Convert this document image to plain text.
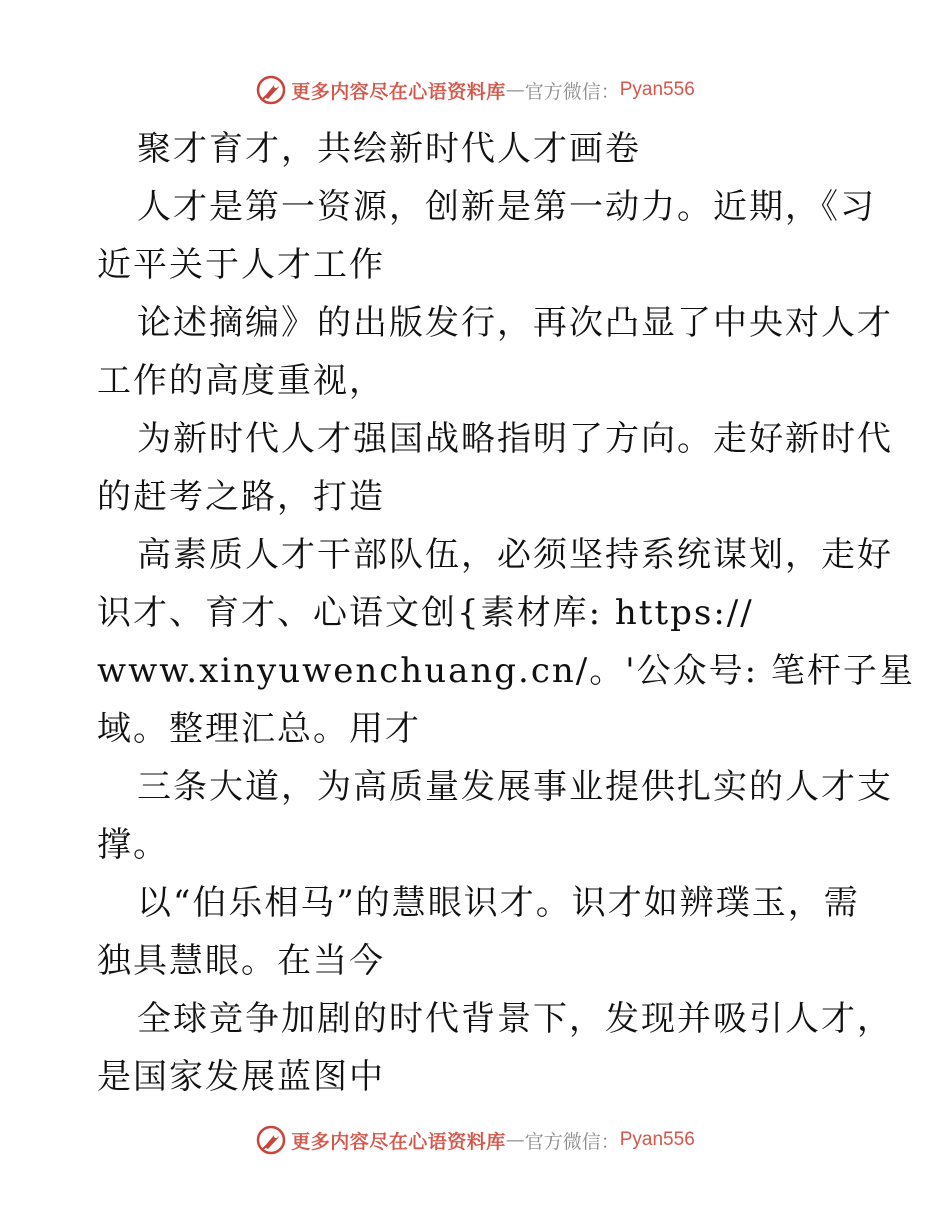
更多内容尽在心语资料库 — 官方微信： Pyan556
聚才育才，共绘新时代人才画卷
人才是第一资源，创新是第一动力。近期，《习
近平关于人才工作
论述摘编》的出版发行，再次凸显了中央对人才
工作的高度重视，
为新时代人才强国战略指明了方向。走好新时代
的赶考之路，打造
高素质人才干部队伍，必须坚持系统谋划，走好
识才、育才、心语文创{素材库: https://
www.xinyuwenchuang.cn/。'公众号: 笔杆子星
域。整理汇总。用才
三条大道，为高质量发展事业提供扎实的人才支
撑。
以“伯乐相马”的慧眼识才。识才如辨璞玉，需
独具慧眼。在当今
全球竞争加剧的时代背景下，发现并吸引人才，
是国家发展蓝图中
更多内容尽在心语资料库 — 官方微信： Pyan556
